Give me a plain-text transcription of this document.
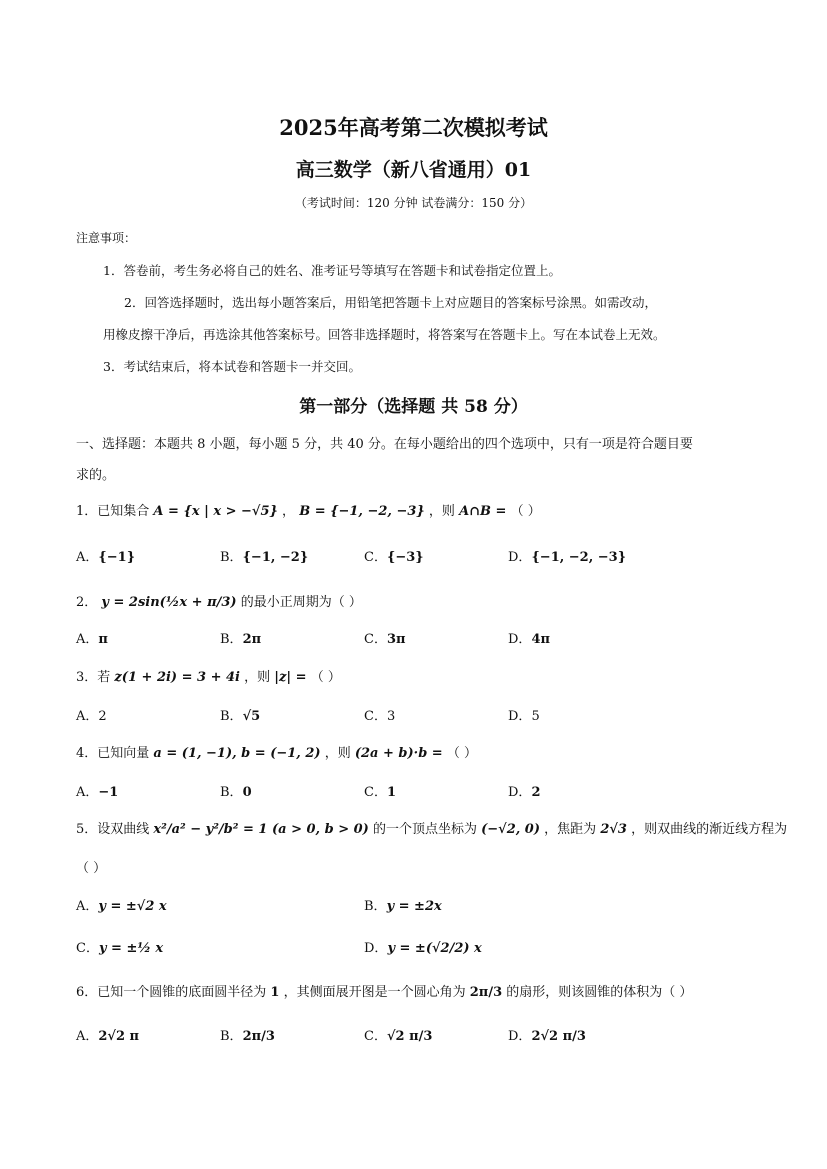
2025年高考第二次模拟考试
高三数学（新八省通用）01
（考试时间：120 分钟 试卷满分：150 分）
注意事项：
1．答卷前，考生务必将自己的姓名、准考证号等填写在答题卡和试卷指定位置上。
2．回答选择题时，选出每小题答案后，用铅笔把答题卡上对应题目的答案标号涂黑。如需改动，
用橡皮擦干净后，再选涂其他答案标号。回答非选择题时，将答案写在答题卡上。写在本试卷上无效。
3．考试结束后，将本试卷和答题卡一并交回。
第一部分（选择题 共 58 分）
一、选择题：本题共 8 小题，每小题 5 分，共 40 分。在每小题给出的四个选项中，只有一项是符合题目要
求的。
1．已知集合 A = {x | x > −√5} ， B = {−1, −2, −3} ，则 A∩B = （ ）
A．{−1}	B．{−1, −2}	C．{−3}	D．{−1, −2, −3}
2． y = 2sin(½x + π/3) 的最小正周期为（ ）
A．π	B．2π	C．3π	D．4π
3．若 z(1 + 2i) = 3 + 4i ，则 |z| = （ ）
A．2	B．√5	C．3	D．5
4．已知向量 a = (1, −1), b = (−1, 2) ，则 (2a + b)·b = （ ）
A．−1	B．0	C．1	D．2
5．设双曲线 x²/a² − y²/b² = 1 (a > 0, b > 0) 的一个顶点坐标为 (−√2, 0) ，焦距为 2√3 ，则双曲线的渐近线方程为
（ ）
A．y = ±√2 x	B．y = ±2x
C．y = ±½ x	D．y = ±(√2/2) x
6．已知一个圆锥的底面圆半径为 1 ，其侧面展开图是一个圆心角为 2π/3 的扇形，则该圆锥的体积为（ ）
A．2√2 π	B．2π/3	C．√2 π/3	D．2√2 π/3
